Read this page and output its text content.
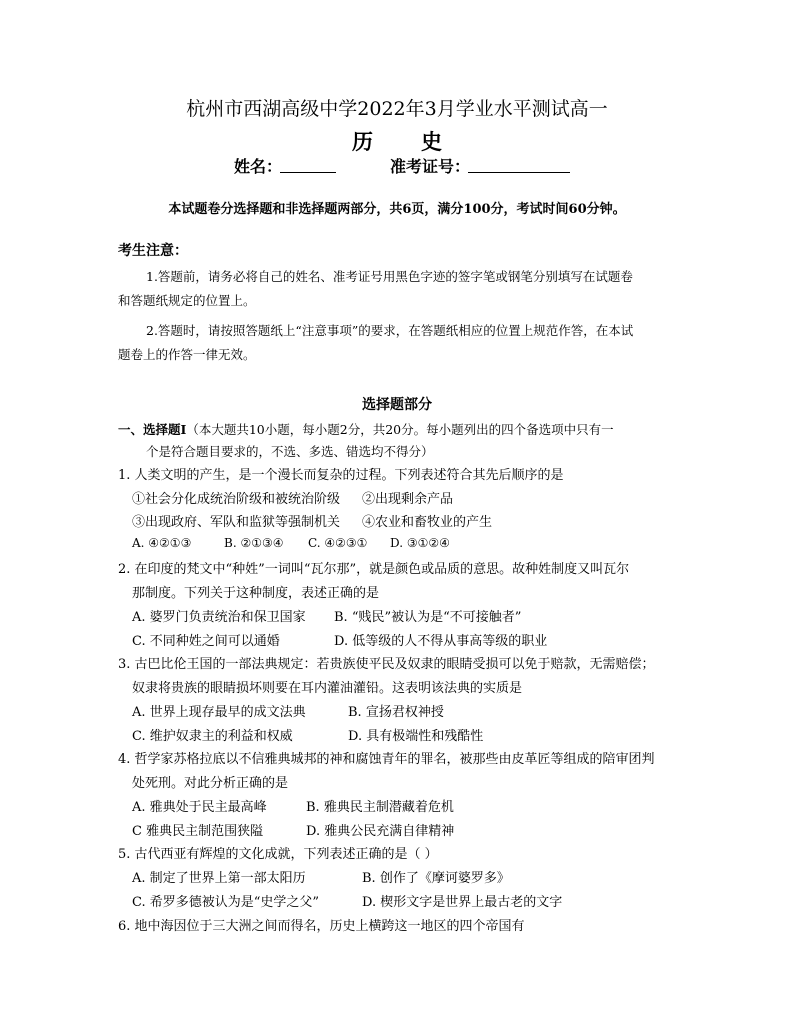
杭州市西湖高级中学2022年3月学业水平测试高一
历 史
姓名：	准考证号：
本试题卷分选择题和非选择题两部分，共6页，满分100分，考试时间60分钟。
考生注意：
1.答题前，请务必将自己的姓名、准考证号用黑色字迹的签字笔或钢笔分别填写在试题卷
和答题纸规定的位置上。
2.答题时，请按照答题纸上“注意事项”的要求，在答题纸相应的位置上规范作答，在本试
题卷上的作答一律无效。
选择题部分
一、选择题Ⅰ（本大题共10小题，每小题2分，共20分。每小题列出的四个备选项中只有一
个是符合题目要求的，不选、多选、错选均不得分）
1. 人类文明的产生，是一个漫长而复杂的过程。下列表述符合其先后顺序的是
①社会分化成统治阶级和被统治阶级 ②出现剩余产品
③出现政府、军队和监狱等强制机关 ④农业和畜牧业的产生
A. ④②①③	B. ②①③④ C. ④②③① D. ③①②④
2. 在印度的梵文中“种姓”一词叫“瓦尔那”，就是颜色或品质的意思。故种姓制度又叫瓦尔
那制度。下列关于这种制度，表述正确的是
A. 婆罗门负责统治和保卫国家 B. “贱民”被认为是“不可接触者”
C. 不同种姓之间可以通婚	D. 低等级的人不得从事高等级的职业
3. 古巴比伦王国的一部法典规定：若贵族使平民及奴隶的眼睛受损可以免于赔款，无需赔偿；
奴隶将贵族的眼睛损坏则要在耳内灌油灌铅。这表明该法典的实质是
A. 世界上现存最早的成文法典	B. 宣扬君权神授
C. 维护奴隶主的利益和权威	D. 具有极端性和残酷性
4. 哲学家苏格拉底以不信雅典城邦的神和腐蚀青年的罪名，被那些由皮革匠等组成的陪审团判
处死刑。对此分析正确的是
A. 雅典处于民主最高峰	B. 雅典民主制潜藏着危机
C 雅典民主制范围狭隘	D. 雅典公民充满自律精神
5. 古代西亚有辉煌的文化成就，下列表述正确的是（ ）
A. 制定了世界上第一部太阳历	B. 创作了《摩诃婆罗多》
C. 希罗多德被认为是“史学之父”	D. 楔形文字是世界上最古老的文字
6. 地中海因位于三大洲之间而得名，历史上横跨这一地区的四个帝国有
